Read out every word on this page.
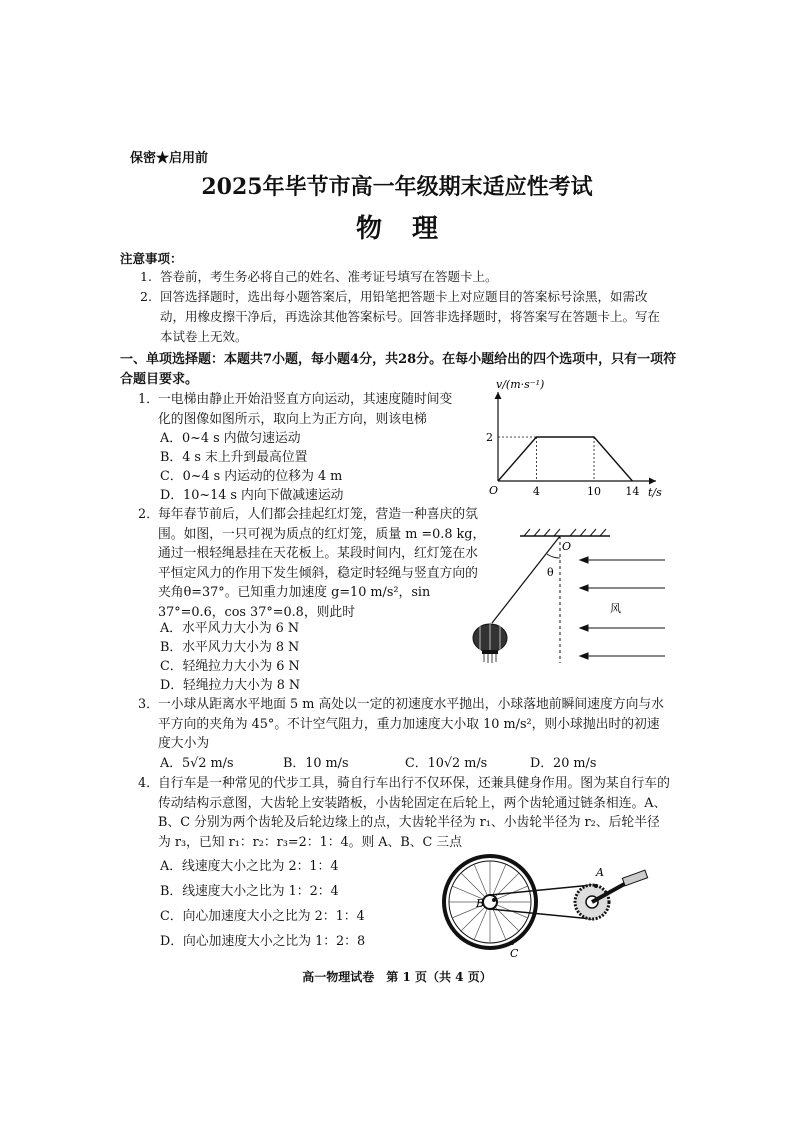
保密★启用前
2025年毕节市高一年级期末适应性考试
物理
注意事项：
1. 答卷前，考生务必将自己的姓名、准考证号填写在答题卡上。
2. 回答选择题时，选出每小题答案后，用铅笔把答题卡上对应题目的答案标号涂黑，如需改动，用橡皮擦干净后，再选涂其他答案标号。回答非选择题时，将答案写在答题卡上。写在本试卷上无效。
一、单项选择题：本题共7小题，每小题4分，共28分。在每小题给出的四个选项中，只有一项符合题目要求。
1． 一电梯由静止开始沿竖直方向运动，其速度随时间变化的图像如图所示，取向上为正方向，则该电梯
A．0~4 s 内做匀速运动
B．4 s 末上升到最高位置
C．0~4 s 内运动的位移为 4 m
D．10~14 s 内向下做减速运动
v/(m·s⁻¹)
t/s
O
2
4	10 14
2． 每年春节前后，人们都会挂起红灯笼，营造一种喜庆的氛围。如图，一只可视为质点的红灯笼，质量 m =0.8 kg，通过一根轻绳悬挂在天花板上。某段时间内，红灯笼在水平恒定风力的作用下发生倾斜，稳定时轻绳与竖直方向的夹角θ=37°。已知重力加速度 g=10 m/s²，sin 37°=0.6，cos 37°=0.8，则此时
A．水平风力大小为 6 N
B．水平风力大小为 8 N
C．轻绳拉力大小为 6 N
D．轻绳拉力大小为 8 N
O
θ
风
3． 一小球从距离水平地面 5 m 高处以一定的初速度水平抛出，小球落地前瞬间速度方向与水平方向的夹角为 45°。不计空气阻力，重力加速度大小取 10 m/s²，则小球抛出时的初速度大小为
A．5√2 m/s	B．10 m/s	C．10√2 m/s	D．20 m/s
4． 自行车是一种常见的代步工具，骑自行车出行不仅环保，还兼具健身作用。图为某自行车的传动结构示意图，大齿轮上安装踏板，小齿轮固定在后轮上，两个齿轮通过链条相连。A、B、C 分别为两个齿轮及后轮边缘上的点，大齿轮半径为 r₁、小齿轮半径为 r₂、后轮半径为 r₃，已知 r₁：r₂：r₃=2：1：4。则 A、B、C 三点
A．线速度大小之比为 2：1：4
B．线速度大小之比为 1：2：4
C．向心加速度大小之比为 2：1：4
D．向心加速度大小之比为 1：2：8
A
B
C
高一物理试卷　第 1 页（共 4 页）
